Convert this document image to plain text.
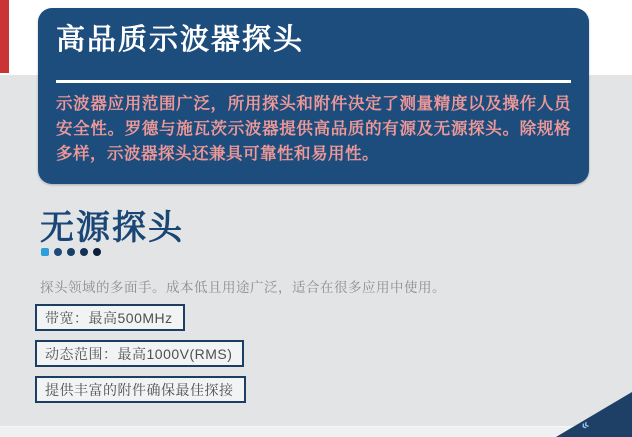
高品质示波器探头

示波器应用范围广泛，所用探头和附件决定了测量精度以及操作人员安全性。罗德与施瓦茨示波器提供高品质的有源及无源探头。除规格多样，示波器探头还兼具可靠性和易用性。

无源探头

探头领域的多面手。成本低且用途广泛，适合在很多应用中使用。

带宽：最高500MHz
动态范围：最高1000V(RMS)
提供丰富的附件确保最佳探接
«
